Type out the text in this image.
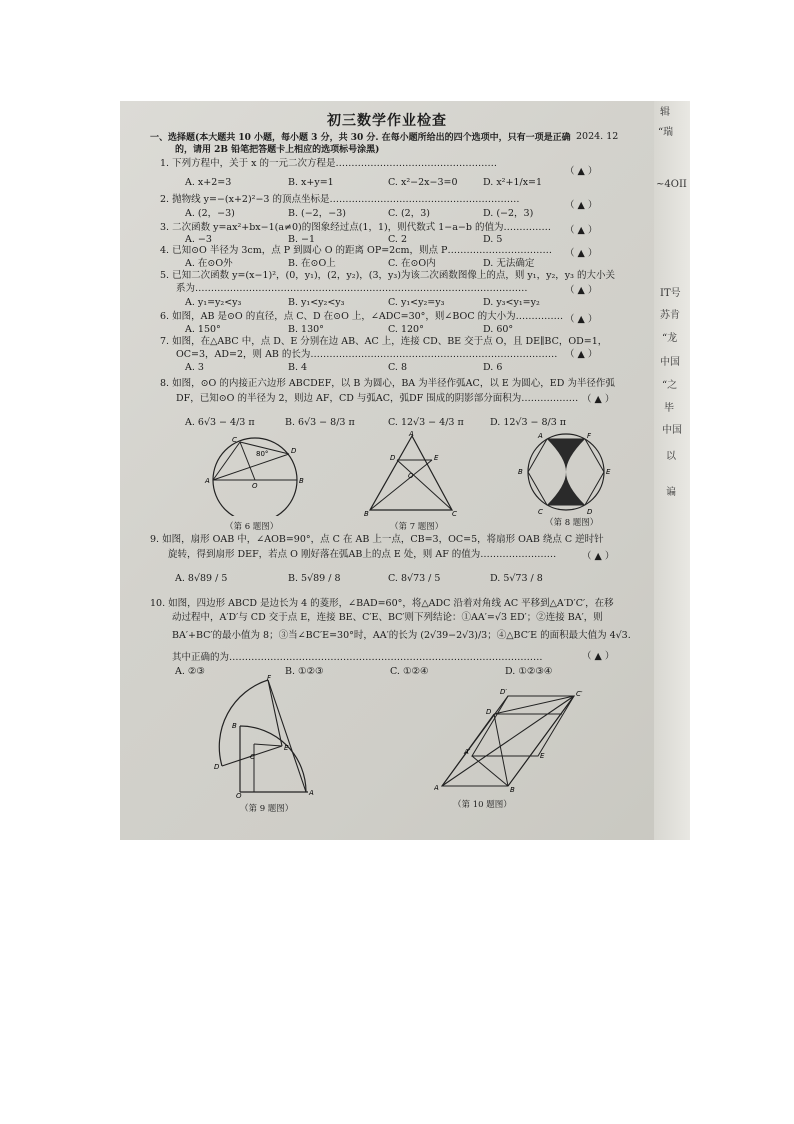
辑
“瑞
~4OII
IT号
苏肯
“龙
中国
“之
毕
中国
以
谝
初三数学作业检查
2024. 12
一、选择题(本大题共 10 小题，每小题 3 分，共 30 分. 在每小题所给出的四个选项中，只有一项是正确
的，请用 2B 铅笔把答题卡上相应的选项标号涂黑)
1. 下列方程中，关于 x 的一元二次方程是……………………………………………
（ ▲ ）
A. x+2=3	B. x+y=1	C. x²−2x−3=0	D. x²+1/x=1
2. 抛物线 y=−(x+2)²−3 的顶点坐标是……………………………………………………
（ ▲ ）
A. (2，−3)	B. (−2，−3)	C. (2，3)	D. (−2，3)
3. 二次函数 y=ax²+bx−1(a≠0)的图象经过点(1，1)，则代数式 1−a−b 的值为…………… （ ▲ ）
A. −3	B. −1	C. 2	D. 5
4. 已知⊙O 半径为 3cm，点 P 到圆心 O 的距离 OP=2cm，则点 P…………………………… （ ▲ ）
A. 在⊙O外	B. 在⊙O上	C. 在⊙O内	D. 无法确定
5. 已知二次函数 y=(x−1)²，(0，y₁)，(2，y₂)，(3，y₃)为该二次函数图像上的点，则 y₁，y₂，y₃ 的大小关
系为……………………………………………………………………………………………	（ ▲ ）
A. y₁=y₂<y₃	B. y₁<y₂<y₃	C. y₁<y₂=y₃	D. y₃<y₁=y₂
6. 如图，AB 是⊙O 的直径，点 C、D 在⊙O 上，∠ADC=30°，则∠BOC 的大小为…………… （ ▲ ）
A. 150°	B. 130°	C. 120°	D. 60°
7. 如图，在△ABC 中，点 D、E 分别在边 AB、AC 上，连接 CD、BE 交于点 O，且 DE∥BC，OD=1，
OC=3，AD=2，则 AB 的长为…………………………………………………………………… （ ▲ ）
A. 3	B. 4	C. 8	D. 6
8. 如图，⊙O 的内接正六边形 ABCDEF，以 B 为圆心，BA 为半径作弧AC，以 E 为圆心，ED 为半径作弧
DF，已知⊙O 的半径为 2，则边 AF，CD 与弧AC，弧DF 围成的阴影部分面积为……………… （ ▲ ）
A. 6√3 − 4/3 π	B. 6√3 − 8/3 π	C. 12√3 − 4/3 π	D. 12√3 − 8/3 π
A	B
C
D
O
80°
（第 6 题图）
A
D	E
O
B	C
（第 7 题图）
A	F
B	E
C	D
（第 8 题图）
9. 如图，扇形 OAB 中，∠AOB=90°，点 C 在 AB 上一点，CB=3，OC=5，将扇形 OAB 绕点 C 逆时针
旋转，得到扇形 DEF，若点 O 刚好落在弧AB上的点 E 处，则 AF 的值为……………………	（ ▲ ）
A. 8√89 / 5	B. 5√89 / 8	C. 8√73 / 5	D. 5√73 / 8
10. 如图，四边形 ABCD 是边长为 4 的菱形，∠BAD=60°，将△ADC 沿着对角线 AC 平移到△A′D′C′，在移
动过程中，A′D′与 CD 交于点 E，连接 BE、C′E、BC′则下列结论：①AA′=√3 ED′；②连接 BA′，则
BA′+BC′的最小值为 8；③当∠BC′E=30°时，AA′的长为 (2√39−2√3)/3；④△BC′E 的面积最大值为 4√3.
其中正确的为………………………………………………………………………………………	（ ▲ ）
A. ②③	B. ①②③	C. ①②④	D. ①②③④
F
B
E
C
D
O	A
（第 9 题图）
A	B
D′	C′
D
A′	E
（第 10 题图）
